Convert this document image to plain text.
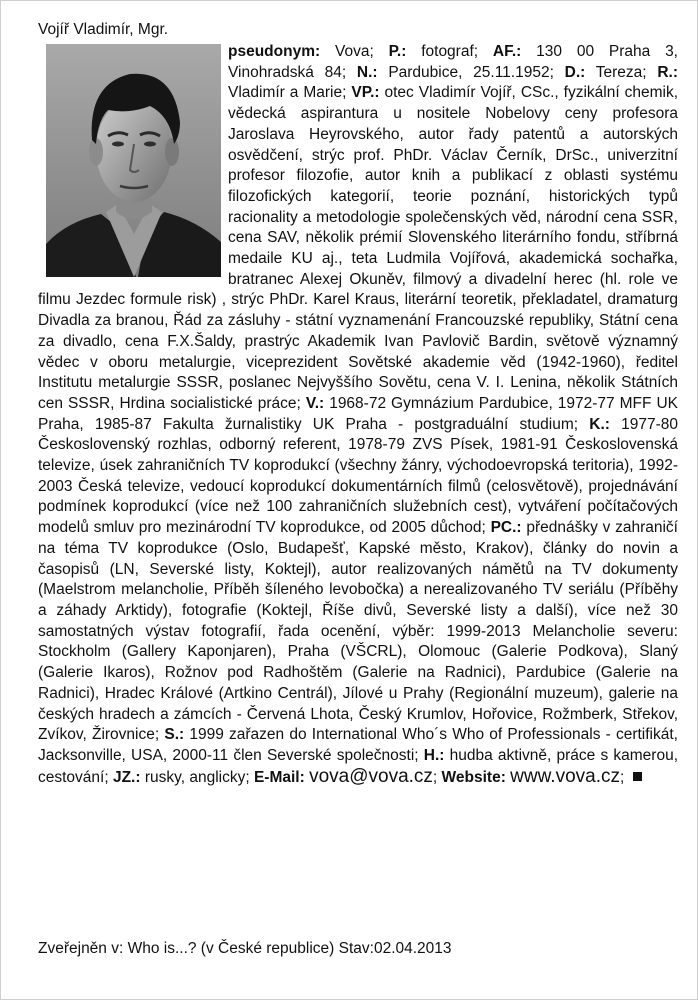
Vojíř Vladimír, Mgr.

pseudonym: Vova; P.: fotograf; AF.: 130 00 Praha 3, Vinohradská 84; N.: Pardubice, 25.11.1952; D.: Tereza; R.: Vladimír a Marie; VP.: otec Vladimír Vojíř, CSc., fyzikální chemik, vědecká aspirantura u nositele Nobelovy ceny profesora Jaroslava Heyrovského, autor řady patentů a autorských osvědčení, strýc prof. PhDr. Václav Černík, DrSc., univerzitní profesor filozofie, autor knih a publikací z oblasti systému filozofických kategorií, teorie poznání, historických typů racionality a metodologie společenských věd, národní cena SSR, cena SAV, několik prémií Slovenského literárního fondu, stříbrná medaile KU aj., teta Ludmila Vojířová, akademická sochařka, bratranec Alexej Okuněv, filmový a divadelní herec (hl. role ve filmu Jezdec formule risk) , strýc PhDr. Karel Kraus, literární teoretik, překladatel, dramaturg Divadla za branou, Řád za zásluhy - státní vyznamenání Francouzské republiky, Státní cena za divadlo, cena F.X.Šaldy, prastrýc Akademik Ivan Pavlovič Bardin, světově významný vědec v oboru metalurgie, viceprezident Sovětské akademie věd (1942-1960), ředitel Institutu metalurgie SSSR, poslanec Nejvyššího Sovětu, cena V. I. Lenina, několik Státních cen SSSR, Hrdina socialistické práce; V.: 1968-72 Gymnázium Pardubice, 1972-77 MFF UK Praha, 1985-87 Fakulta žurnalistiky UK Praha - postgraduální studium; K.: 1977-80 Československý rozhlas, odborný referent, 1978-79 ZVS Písek, 1981-91 Československá televize, úsek zahraničních TV koprodukcí (všechny žánry, východoevropská teritoria), 1992-2003 Česká televize, vedoucí koprodukcí dokumentárních filmů (celosvětově), projednávání podmínek koprodukcí (více než 100 zahraničních služebních cest), vytváření počítačových modelů smluv pro mezinárodní TV koprodukce, od 2005 důchod; PC.: přednášky v zahraničí na téma TV koprodukce (Oslo, Budapešť, Kapské město, Krakov), články do novin a časopisů (LN, Severské listy, Koktejl), autor realizovaných námětů na TV dokumenty (Maelstrom melancholie, Příběh šíleného levobočka) a nerealizovaného TV seriálu (Příběhy a záhady Arktidy), fotografie (Koktejl, Říše divů, Severské listy a další), více než 30 samostatných výstav fotografií, řada ocenění, výběr: 1999-2013 Melancholie severu: Stockholm (Gallery Kaponjaren), Praha (VŠCRL), Olomouc (Galerie Podkova), Slaný (Galerie Ikaros), Rožnov pod Radhoštěm (Galerie na Radnici), Pardubice (Galerie na Radnici), Hradec Králové (Artkino Centrál), Jílové u Prahy (Regionální muzeum), galerie na českých hradech a zámcích - Červená Lhota, Český Krumlov, Hořovice, Rožmberk, Střekov, Zvíkov, Žirovnice; S.: 1999 zařazen do International Who´s Who of Professionals - certifikát, Jacksonville, USA, 2000-11 člen Severské společnosti; H.: hudba aktivně, práce s kamerou, cestování; JZ.: rusky, anglicky; E-Mail: vova@vova.cz; Website: www.vova.cz;

Zveřejněn v: Who is...? (v České republice) Stav:02.04.2013
